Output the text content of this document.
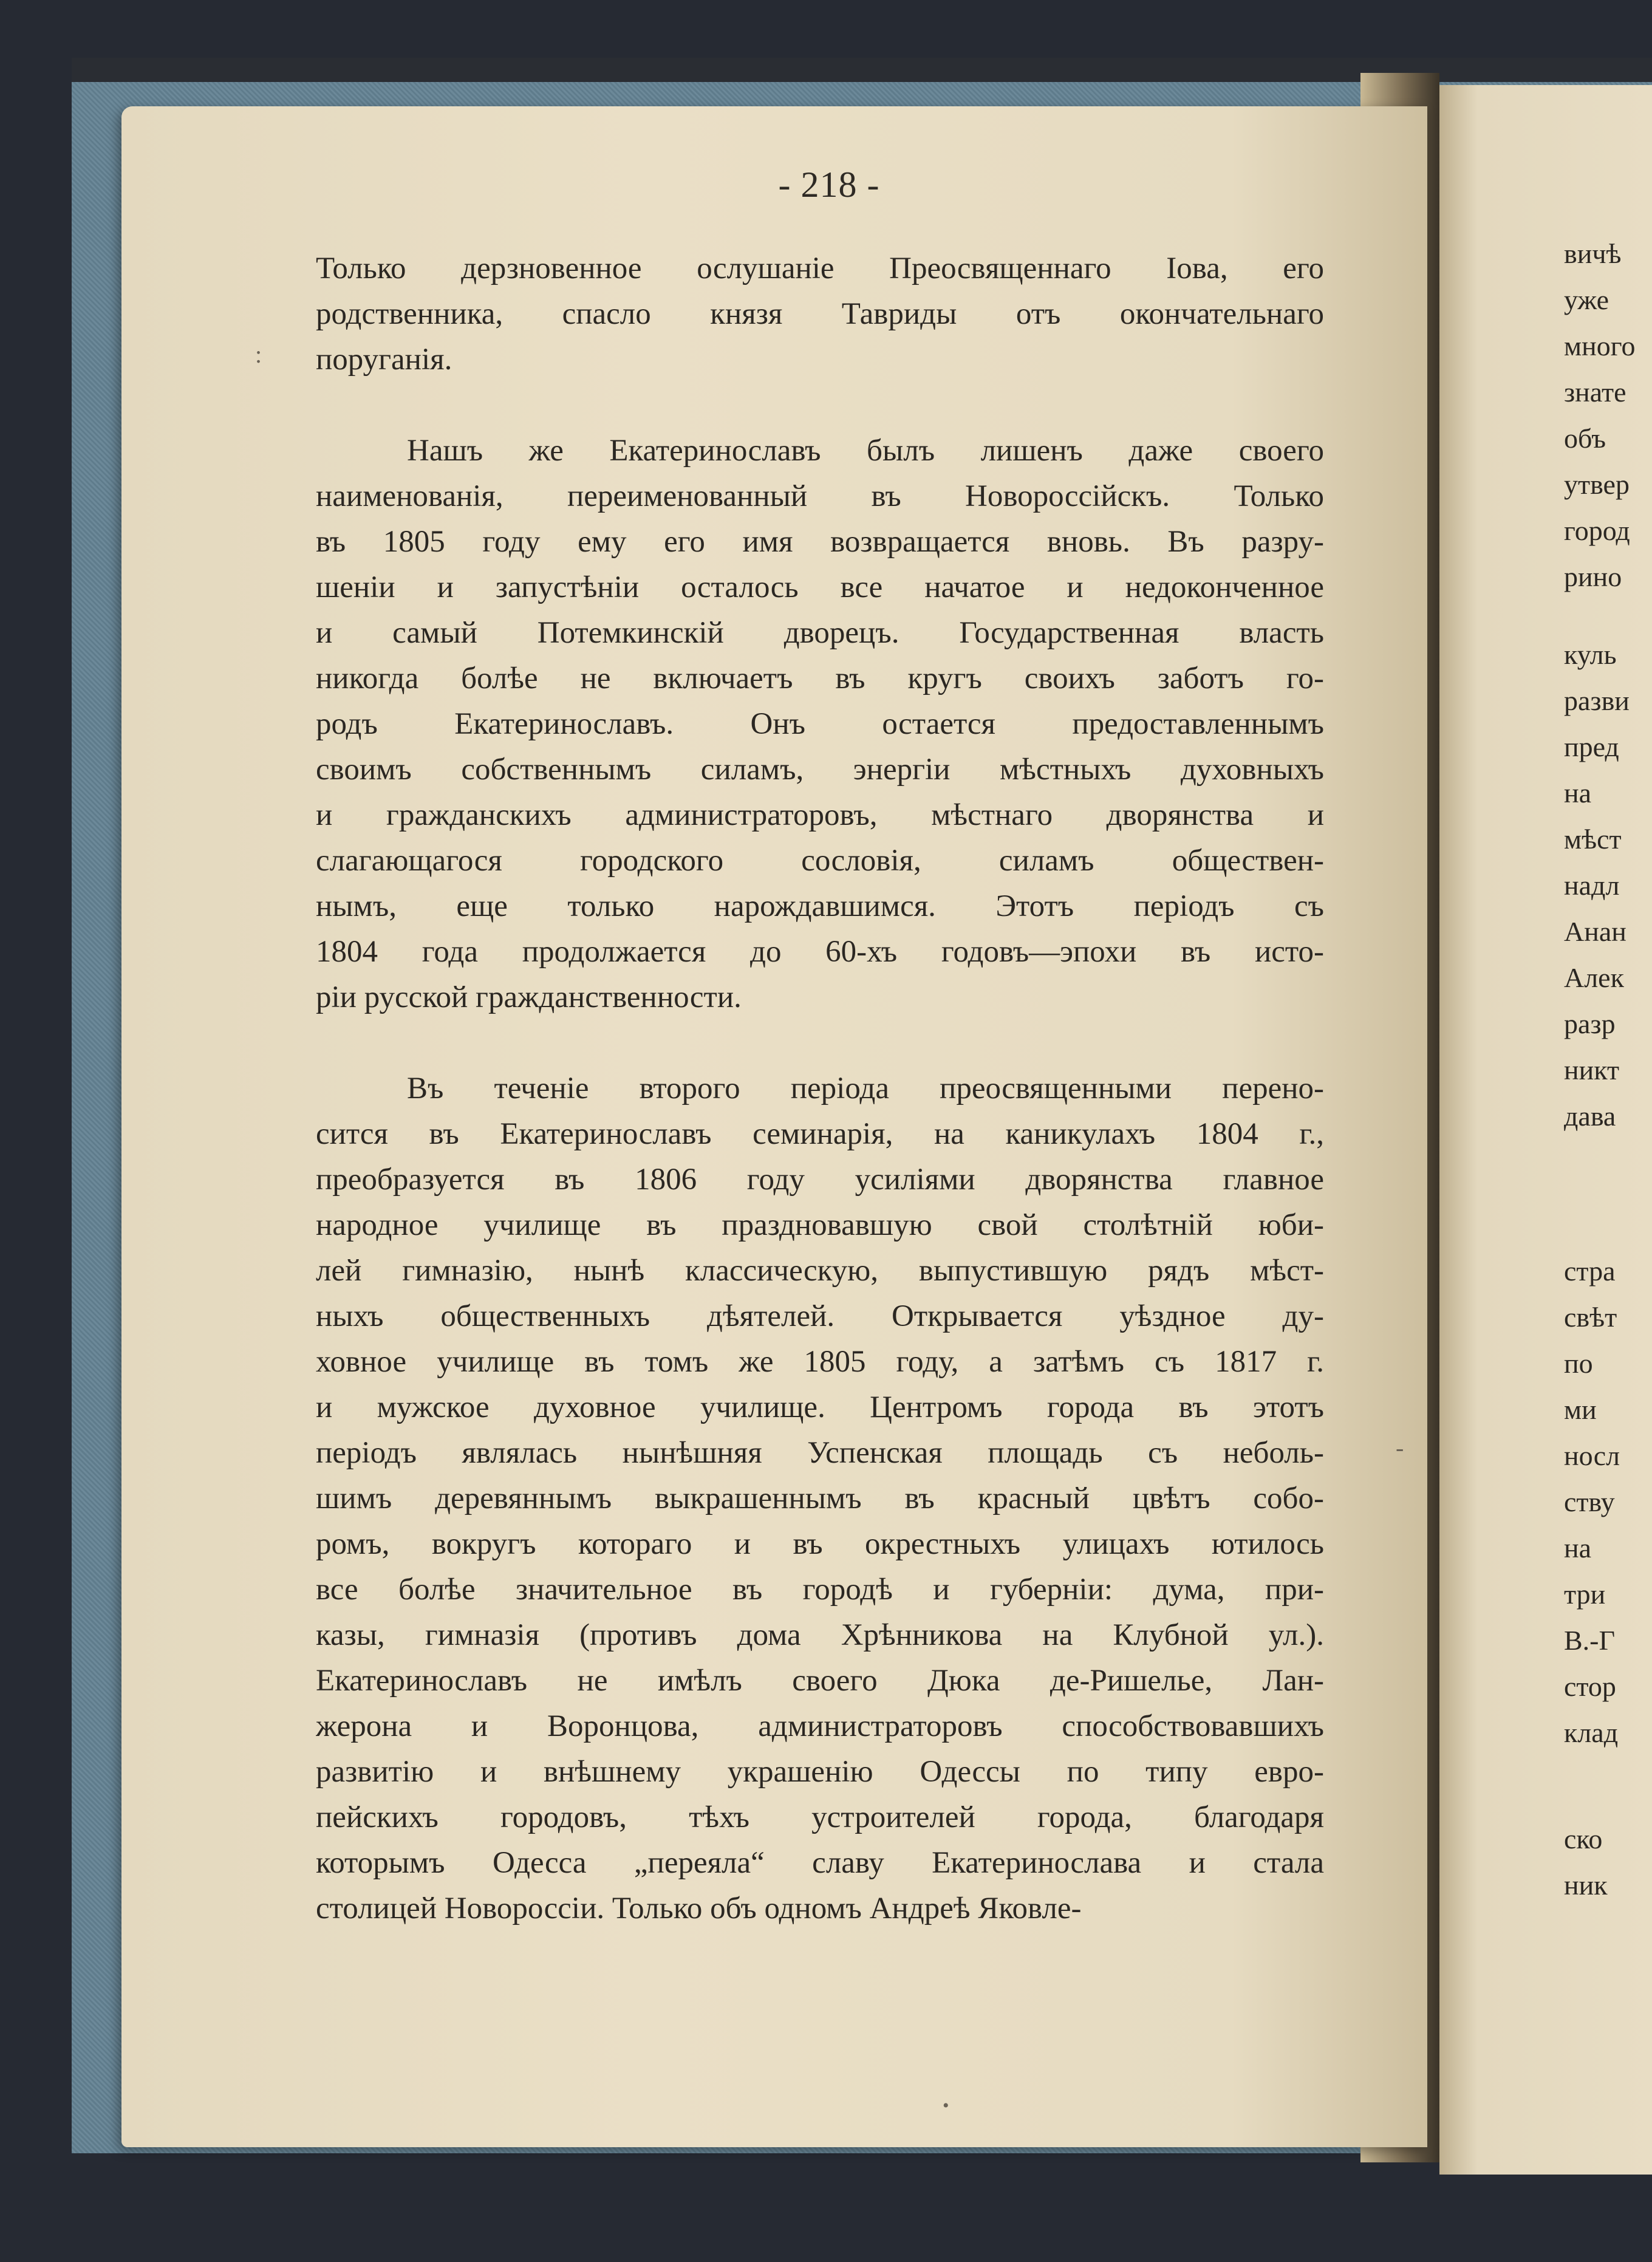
- 218 -

Только дерзновенное ослушаніе Преосвященнаго Іова, его
родственника, спасло князя Тавриды отъ окончательнаго
поруганія.

Нашъ же Екатеринославъ былъ лишенъ даже своего
наименованія, переименованный въ Новороссійскъ. Только
въ 1805 году ему его имя возвращается вновь. Въ разру-
шеніи и запустѣніи осталось все начатое и недоконченное
и самый Потемкинскій дворецъ. Государственная власть
никогда болѣе не включаетъ въ кругъ своихъ заботъ го-
родъ Екатеринославъ. Онъ остается предоставленнымъ
своимъ собственнымъ силамъ, энергіи мѣстныхъ духовныхъ
и гражданскихъ администраторовъ, мѣстнаго дворянства и
слагающагося городского сословія, силамъ обществен-
нымъ, еще только нарождавшимся. Этотъ періодъ съ
1804 года продолжается до 60-хъ годовъ—эпохи въ исто-
ріи русской гражданственности.

Въ теченіе второго періода преосвященными перено-
сится въ Екатеринославъ семинарія, на каникулахъ 1804 г.,
преобразуется въ 1806 году усиліями дворянства главное
народное училище въ праздновавшую свой столѣтній юби-
лей гимназію, нынѣ классическую, выпустившую рядъ мѣст-
ныхъ общественныхъ дѣятелей. Открывается уѣздное ду-
ховное училище въ томъ же 1805 году, а затѣмъ съ 1817 г.
и мужское духовное училище. Центромъ города въ этотъ
періодъ являлась нынѣшняя Успенская площадь съ неболь-
шимъ деревяннымъ выкрашеннымъ въ красный цвѣтъ собо-
ромъ, вокругъ котораго и въ окрестныхъ улицахъ ютилось
все болѣе значительное въ городѣ и губерніи: дума, при-
казы, гимназія (противъ дома Хрѣнникова на Клубной ул.).
Екатеринославъ не имѣлъ своего Дюка де-Ришелье, Лан-
жерона и Воронцова, администраторовъ способствовавшихъ
развитію и внѣшнему украшенію Одессы по типу евро-
пейскихъ городовъ, тѣхъ устроителей города, благодаря
которымъ Одесса „переяла“ славу Екатеринослава и стала
столицей Новороссіи. Только объ одномъ Андреѣ Яковле-

вичѣ
уже
много
знате
объ
утвер
город
рино
куль
разви
пред
на
мѣст
надл
Анан
Алек
разр
никт
дава
стра
свѣт
по
ми
носл
ству
на
три
В.-Г
стор
клад
ско
ник
:
-
•
